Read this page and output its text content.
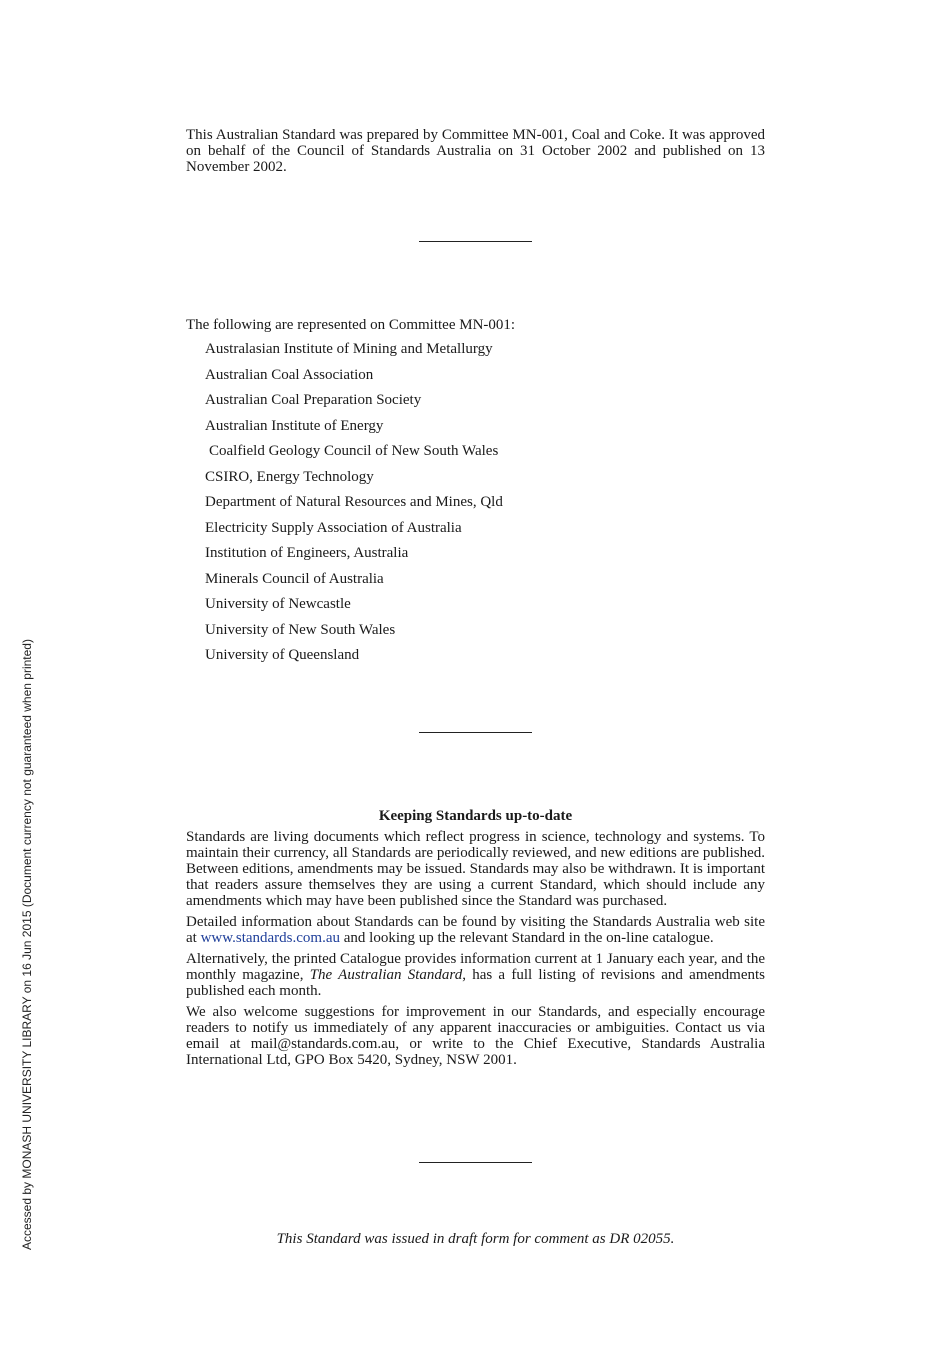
This Australian Standard was prepared by Committee MN-001, Coal and Coke. It was approved on behalf of the Council of Standards Australia on 31 October 2002 and published on 13 November 2002.
The following are represented on Committee MN-001:
Australasian Institute of Mining and Metallurgy
Australian Coal Association
Australian Coal Preparation Society
Australian Institute of Energy
Coalfield Geology Council of New South Wales
CSIRO, Energy Technology
Department of Natural Resources and Mines, Qld
Electricity Supply Association of Australia
Institution of Engineers, Australia
Minerals Council of Australia
University of Newcastle
University of New South Wales
University of Queensland
Keeping Standards up-to-date

Standards are living documents which reflect progress in science, technology and systems. To maintain their currency, all Standards are periodically reviewed, and new editions are published. Between editions, amendments may be issued. Standards may also be withdrawn. It is important that readers assure themselves they are using a current Standard, which should include any amendments which may have been published since the Standard was purchased.

Detailed information about Standards can be found by visiting the Standards Australia web site at www.standards.com.au and looking up the relevant Standard in the on-line catalogue.

Alternatively, the printed Catalogue provides information current at 1 January each year, and the monthly magazine, The Australian Standard, has a full listing of revisions and amendments published each month.

We also welcome suggestions for improvement in our Standards, and especially encourage readers to notify us immediately of any apparent inaccuracies or ambiguities. Contact us via email at mail@standards.com.au, or write to the Chief Executive, Standards Australia International Ltd, GPO Box 5420, Sydney, NSW 2001.

This Standard was issued in draft form for comment as DR 02055.
Accessed by MONASH UNIVERSITY LIBRARY on 16 Jun 2015 (Document currency not guaranteed when printed)
